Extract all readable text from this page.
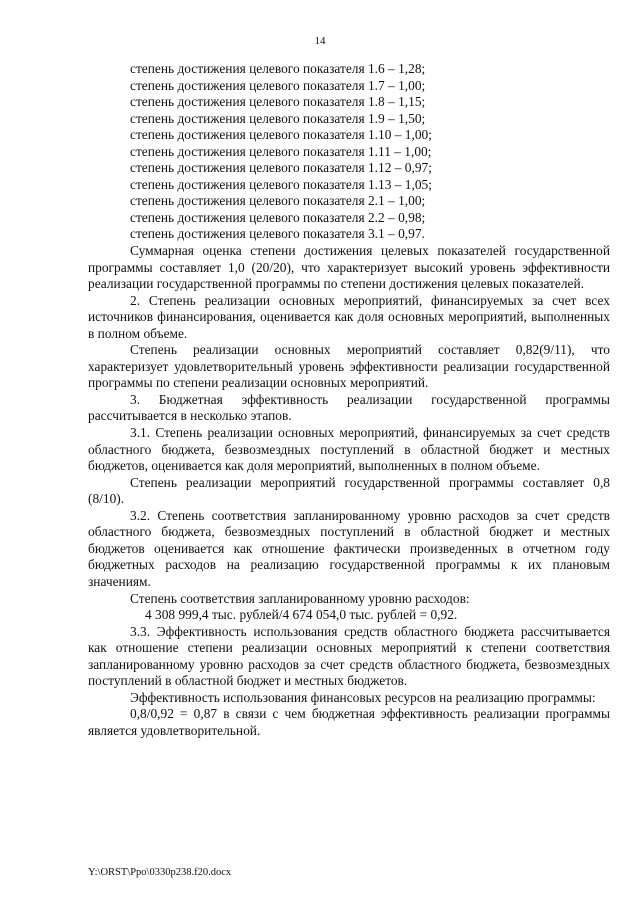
14
степень достижения целевого показателя 1.6 – 1,28;
степень достижения целевого показателя 1.7 – 1,00;
степень достижения целевого показателя 1.8 – 1,15;
степень достижения целевого показателя 1.9 – 1,50;
степень достижения целевого показателя 1.10 – 1,00;
степень достижения целевого показателя 1.11 – 1,00;
степень достижения целевого показателя 1.12 – 0,97;
степень достижения целевого показателя 1.13 – 1,05;
степень достижения целевого показателя 2.1 – 1,00;
степень достижения целевого показателя 2.2 – 0,98;
степень достижения целевого показателя 3.1 – 0,97.

Суммарная оценка степени достижения целевых показателей государственной программы составляет 1,0 (20/20), что характеризует высокий уровень эффективности реализации государственной программы по степени достижения целевых показателей.

2. Степень реализации основных мероприятий, финансируемых за счет всех источников финансирования, оценивается как доля основных мероприятий, выполненных в полном объеме.

Степень реализации основных мероприятий составляет 0,82(9/11), что характеризует удовлетворительный уровень эффективности реализации государственной программы по степени реализации основных мероприятий.

3. Бюджетная эффективность реализации государственной программы рассчитывается в несколько этапов.

3.1. Степень реализации основных мероприятий, финансируемых за счет средств областного бюджета, безвозмездных поступлений в областной бюджет и местных бюджетов, оценивается как доля мероприятий, выполненных в полном объеме.

Степень реализации мероприятий государственной программы составляет 0,8 (8/10).

3.2. Степень соответствия запланированному уровню расходов за счет средств областного бюджета, безвозмездных поступлений в областной бюджет и местных бюджетов оценивается как отношение фактически произведенных в отчетном году бюджетных расходов на реализацию государственной программы к их плановым значениям.

Степень соответствия запланированному уровню расходов:
4 308 999,4 тыс. рублей/4 674 054,0 тыс. рублей = 0,92.

3.3. Эффективность использования средств областного бюджета рассчитывается как отношение степени реализации основных мероприятий к степени соответствия запланированному уровню расходов за счет средств областного бюджета, безвозмездных поступлений в областной бюджет и местных бюджетов.

Эффективность использования финансовых ресурсов на реализацию программы:

0,8/0,92 = 0,87 в связи с чем бюджетная эффективность реализации программы является удовлетворительной.

Y:\ORST\Ppo\0330p238.f20.docx
